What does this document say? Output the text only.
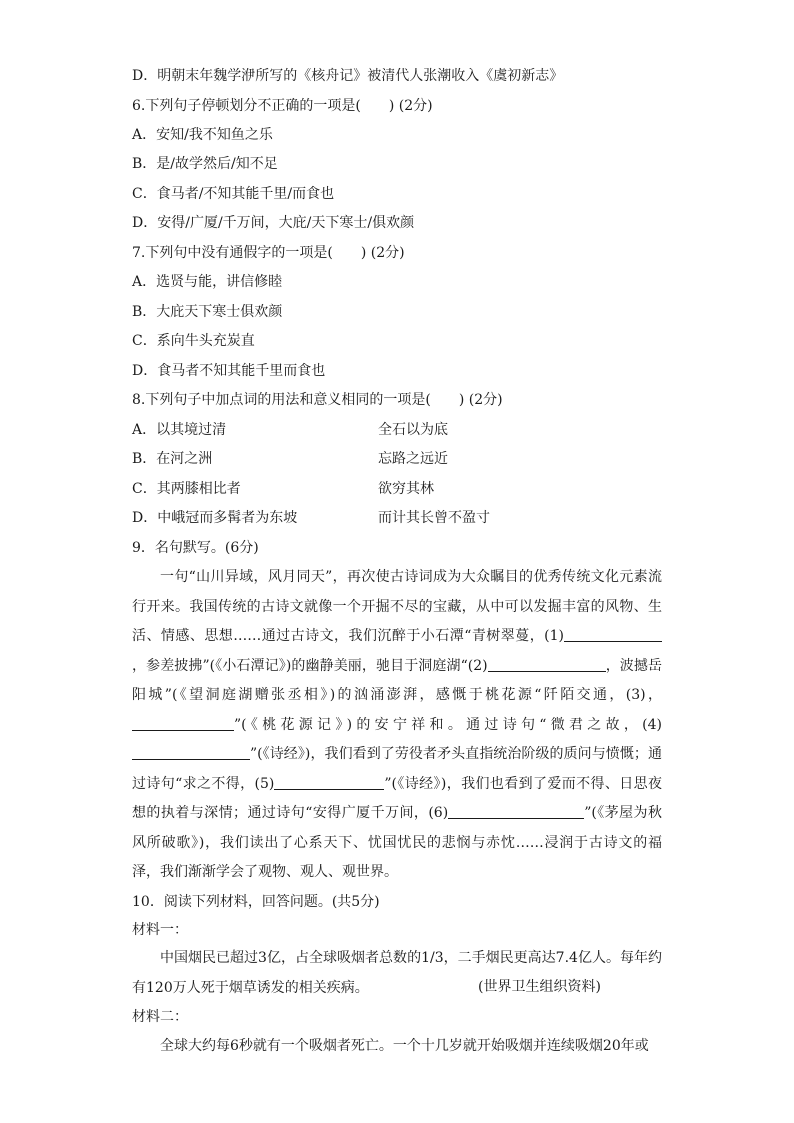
D．明朝末年魏学洢所写的《核舟记》被清代人张潮收入《虞初新志》
6.下列句子停顿划分不正确的一项是(　　) (2分)
A．安知/我不知鱼之乐
B．是/故学然后/知不足
C．食马者/不知其能千里/而食也
D．安得/广厦/千万间，大庇/天下寒士/俱欢颜
7.下列句中没有通假字的一项是(　　) (2分)
A．选贤与能，讲信修睦
B．大庇天下寒士俱欢颜
C．系向牛头充炭直
D．食马者不知其能千里而食也
8.下列句子中加点词的用法和意义相同的一项是(　　) (2分)
A．以其境过清	全石以为底
B．在河之洲	忘路之远近
C．其两膝相比者	欲穷其林
D．中峨冠而多髯者为东坡	而计其长曾不盈寸
9．名句默写。(6分)
一句“山川异域，风月同天”，再次使古诗词成为大众瞩目的优秀传统文化元素流行开来。我国传统的古诗文就像一个开掘不尽的宝藏，从中可以发掘丰富的风物、生活、情感、思想……通过古诗文，我们沉醉于小石潭“青树翠蔓，(1)，参差披拂”(《小石潭记》)的幽静美丽，驰目于洞庭湖“(2)	，波撼岳阳城”(《望洞庭湖赠张丞相》)的汹涌澎湃，感慨于桃花源“阡陌交通，(3)，”(《桃花源记》)的安宁祥和。通过诗句“微君之故，(4)”(《诗经》)，我们看到了劳役者矛头直指统治阶级的质问与愤慨；通过诗句“求之不得，(5)	”(《诗经》)，我们也看到了爱而不得、日思夜想的执着与深情；通过诗句“安得广厦千万间，(6)	”(《茅屋为秋风所破歌》)，我们读出了心系天下、忧国忧民的悲悯与赤忱……浸润于古诗文的福泽，我们渐渐学会了观物、观人、观世界。
10．阅读下列材料，回答问题。(共5分)
材料一：
中国烟民已超过3亿，占全球吸烟者总数的1/3，二手烟民更高达7.4亿人。每年约有120万人死于烟草诱发的相关疾病。	(世界卫生组织资料)
材料二：
全球大约每6秒就有一个吸烟者死亡。一个十几岁就开始吸烟并连续吸烟20年或
